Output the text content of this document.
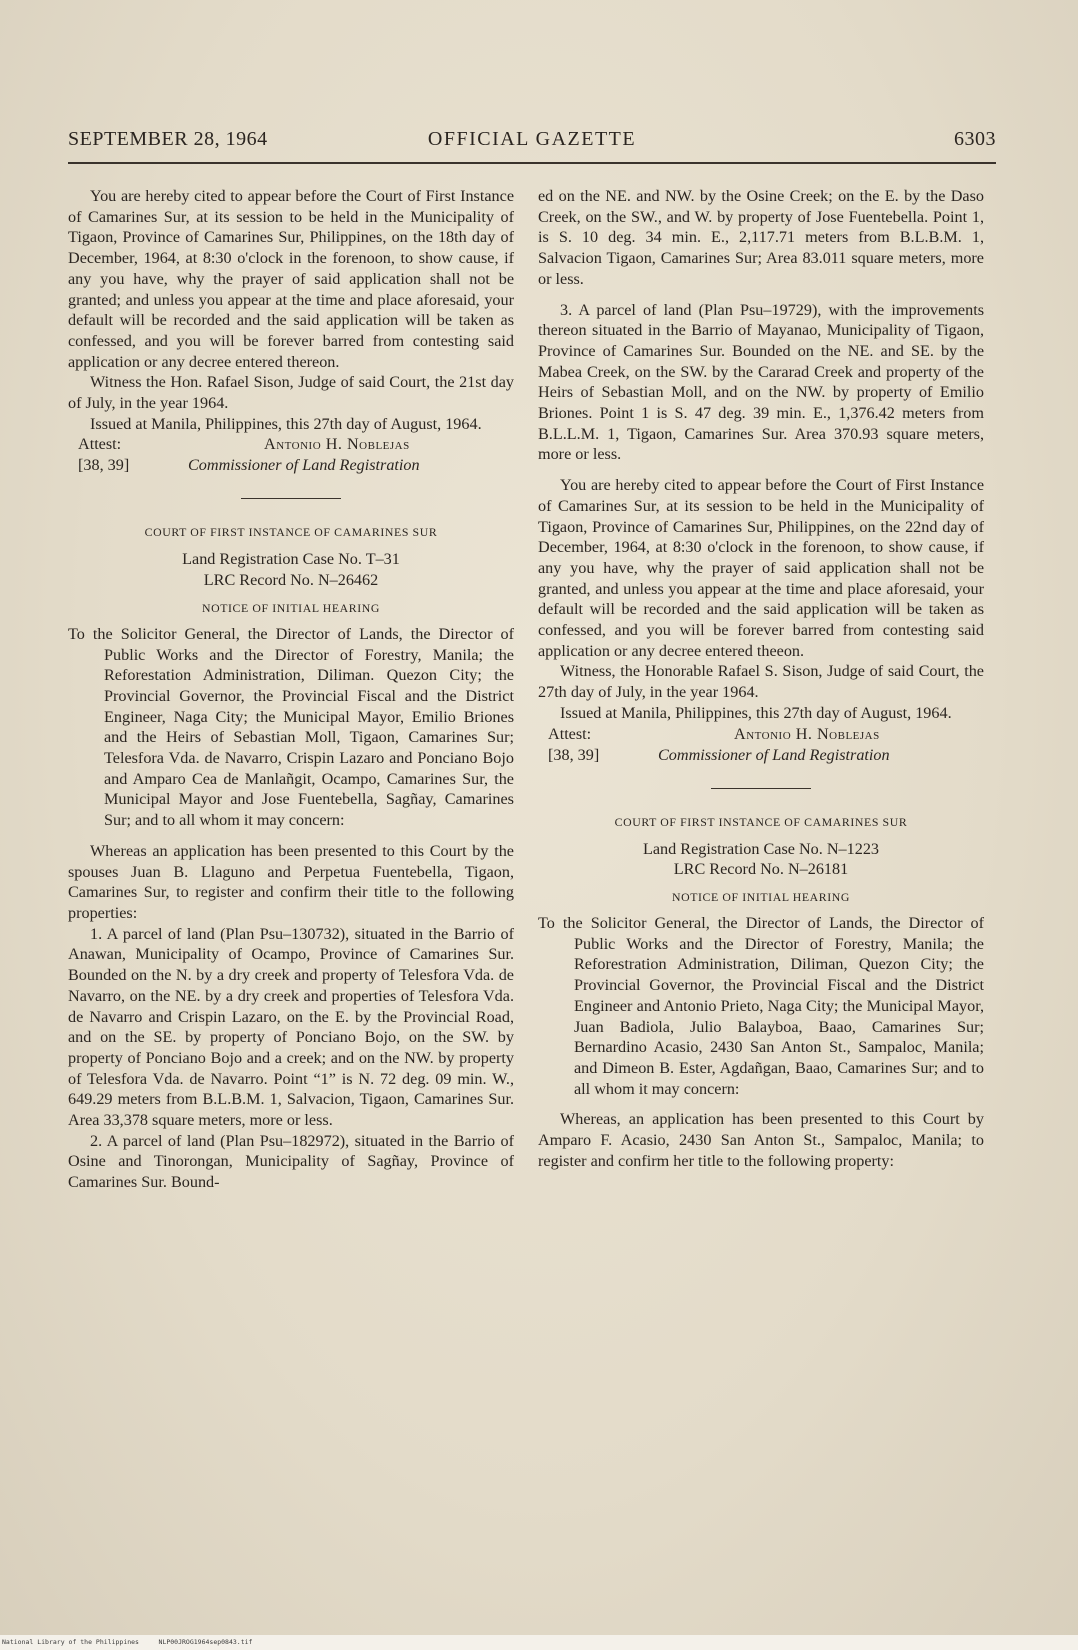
SEPTEMBER 28, 1964	OFFICIAL GAZETTE	6303

You are hereby cited to appear before the Court of First Instance of Camarines Sur, at its session to be held in the Municipality of Tigaon, Province of Camarines Sur, Philippines, on the 18th day of December, 1964, at 8:30 o'clock in the forenoon, to show cause, if any you have, why the prayer of said application shall not be granted; and unless you appear at the time and place aforesaid, your default will be recorded and the said application will be taken as confessed, and you will be forever barred from contesting said application or any decree entered thereon.

Witness the Hon. Rafael Sison, Judge of said Court, the 21st day of July, in the year 1964.

Issued at Manila, Philippines, this 27th day of August, 1964.

Attest:	Antonio H. Noblejas
[38, 39]	Commissioner of Land Registration
COURT OF FIRST INSTANCE OF CAMARINES SUR
Land Registration Case No. T–31
LRC Record No. N–26462
NOTICE OF INITIAL HEARING

To the Solicitor General, the Director of Lands, the Director of Public Works and the Director of Forestry, Manila; the Reforestation Administration, Diliman. Quezon City; the Provincial Governor, the Provincial Fiscal and the District Engineer, Naga City; the Municipal Mayor, Emilio Briones and the Heirs of Sebastian Moll, Tigaon, Camarines Sur; Telesfora Vda. de Navarro, Crispin Lazaro and Ponciano Bojo and Amparo Cea de Manlañgit, Ocampo, Camarines Sur, the Municipal Mayor and Jose Fuentebella, Sagñay, Camarines Sur; and to all whom it may concern:

Whereas an application has been presented to this Court by the spouses Juan B. Llaguno and Perpetua Fuentebella, Tigaon, Camarines Sur, to register and confirm their title to the following properties:

1. A parcel of land (Plan Psu–130732), situated in the Barrio of Anawan, Municipality of Ocampo, Province of Camarines Sur. Bounded on the N. by a dry creek and property of Telesfora Vda. de Navarro, on the NE. by a dry creek and properties of Telesfora Vda. de Navarro and Crispin Lazaro, on the E. by the Provincial Road, and on the SE. by property of Ponciano Bojo, on the SW. by property of Ponciano Bojo and a creek; and on the NW. by property of Telesfora Vda. de Navarro. Point “1” is N. 72 deg. 09 min. W., 649.29 meters from B.L.B.M. 1, Salvacion, Tigaon, Camarines Sur. Area 33,378 square meters, more or less.

2. A parcel of land (Plan Psu–182972), situated in the Barrio of Osine and Tinorongan, Municipality of Sagñay, Province of Camarines Sur. Bound-

ed on the NE. and NW. by the Osine Creek; on the E. by the Daso Creek, on the SW., and W. by property of Jose Fuentebella. Point 1, is S. 10 deg. 34 min. E., 2,117.71 meters from B.L.B.M. 1, Salvacion Tigaon, Camarines Sur; Area 83.011 square meters, more or less.

3. A parcel of land (Plan Psu–19729), with the improvements thereon situated in the Barrio of Mayanao, Municipality of Tigaon, Province of Camarines Sur. Bounded on the NE. and SE. by the Mabea Creek, on the SW. by the Cararad Creek and property of the Heirs of Sebastian Moll, and on the NW. by property of Emilio Briones. Point 1 is S. 47 deg. 39 min. E., 1,376.42 meters from B.L.L.M. 1, Tigaon, Camarines Sur. Area 370.93 square meters, more or less.

You are hereby cited to appear before the Court of First Instance of Camarines Sur, at its session to be held in the Municipality of Tigaon, Province of Camarines Sur, Philippines, on the 22nd day of December, 1964, at 8:30 o'clock in the forenoon, to show cause, if any you have, why the prayer of said application shall not be granted, and unless you appear at the time and place aforesaid, your default will be recorded and the said application will be taken as confessed, and you will be forever barred from contesting said application or any decree entered theeon.

Witness, the Honorable Rafael S. Sison, Judge of said Court, the 27th day of July, in the year 1964.

Issued at Manila, Philippines, this 27th day of August, 1964.

Attest:	Antonio H. Noblejas
[38, 39]	Commissioner of Land Registration
COURT OF FIRST INSTANCE OF CAMARINES SUR
Land Registration Case No. N–1223
LRC Record No. N–26181
NOTICE OF INITIAL HEARING

To the Solicitor General, the Director of Lands, the Director of Public Works and the Director of Forestry, Manila; the Reforestration Administration, Diliman, Quezon City; the Provincial Governor, the Provincial Fiscal and the District Engineer and Antonio Prieto, Naga City; the Municipal Mayor, Juan Badiola, Julio Balayboa, Baao, Camarines Sur; Bernardino Acasio, 2430 San Anton St., Sampaloc, Manila; and Dimeon B. Ester, Agdañgan, Baao, Camarines Sur; and to all whom it may concern:

Whereas, an application has been presented to this Court by Amparo F. Acasio, 2430 San Anton St., Sampaloc, Manila; to register and confirm her title to the following property:

National Library of the Philippines     NLP00JROG1964sep0843.tif
